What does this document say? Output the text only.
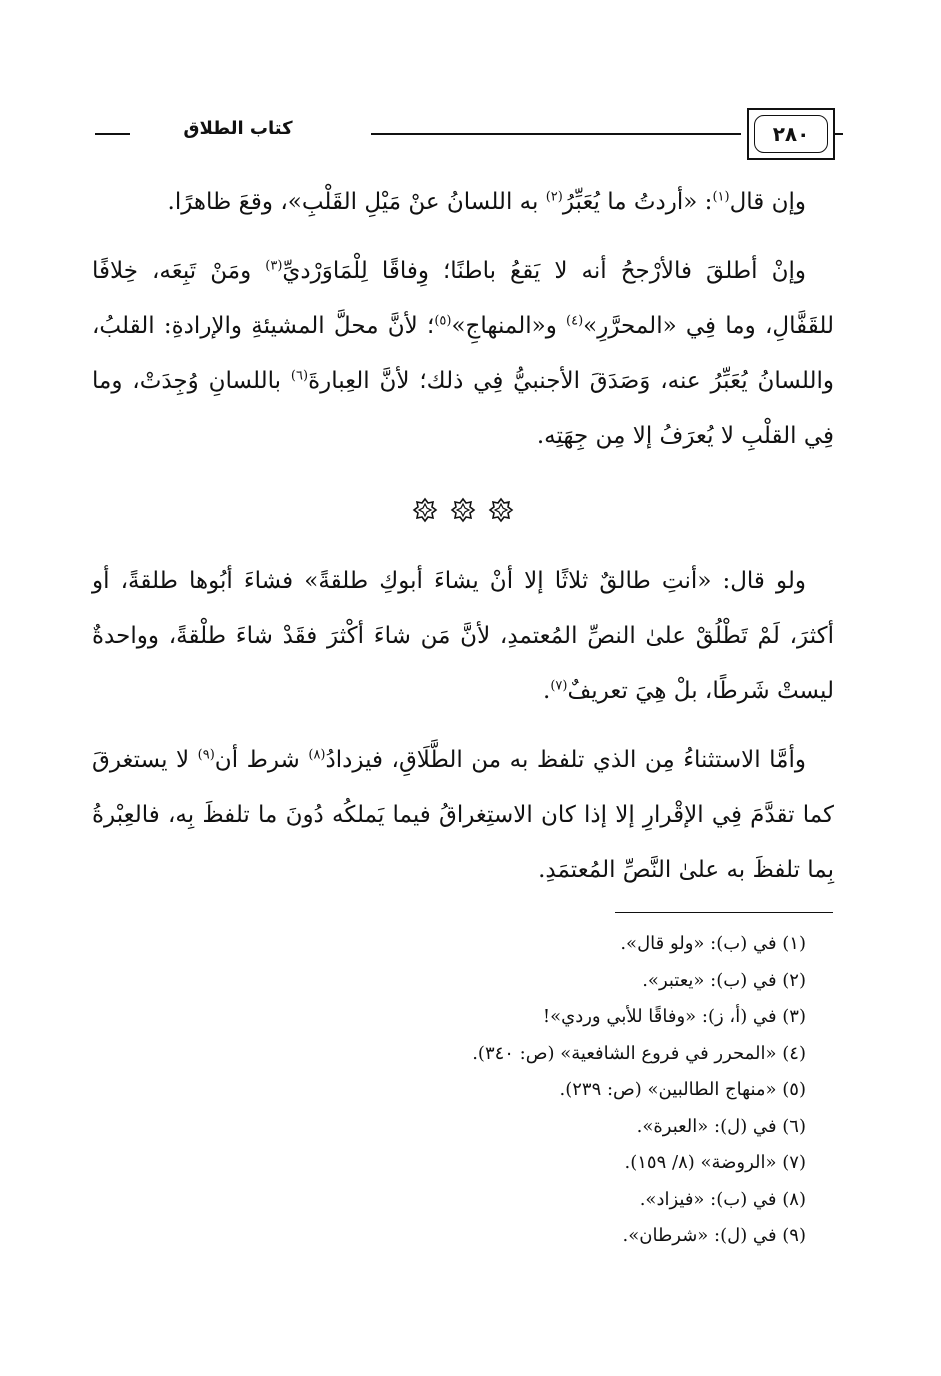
٢٨٠
كتاب الطلاق

وإن قال$^{(١)}$: «أردتُ ما يُعَبِّرُ$^{(٢)}$ به اللسانُ عنْ مَيْلِ القَلْبِ»، وقعَ ظاهرًا.

وإنْ أطلقَ فالأرْجحُ أنه لا يَقعُ باطنًا؛ وِفاقًا لِلْمَاوَرْديِّ$^{(٣)}$ ومَنْ تَبِعَه، خِلافًا للقَفَّالِ، وما فِي «المحرَّرِ»$^{(٤)}$ و«المنهاجِ»$^{(٥)}$؛ لأنَّ محلَّ المشيئةِ والإرادةِ: القلبُ، واللسانُ يُعَبِّرُ عنه، وَصَدَقَ الأجنبيُّ فِي ذلك؛ لأنَّ العِبارةَ$^{(٦)}$ باللسانِ وُجِدَتْ، وما فِي القلْبِ لا يُعرَفُ إلا مِن جِهَتِه.

ولو قال: «أنتِ طالقٌ ثلاثًا إلا أنْ يشاءَ أبوكِ طلقةً» فشاءَ أبُوها طلقةً، أو أكثرَ، لَمْ تَطْلُقْ علىٰ النصِّ المُعتمدِ، لأنَّ مَن شاءَ أكْثرَ فقَدْ شاءَ طلْقةً، وواحدةٌ ليستْ شَرطًا، بلْ هِيَ تعريفٌ$^{(٧)}$.

وأمَّا الاستثناءُ مِن الذي تلفظ به من الطَّلَاقِ، فيزدادُ$^{(٨)}$ شرط أن$^{(٩)}$ لا يستغرقَ كما تقدَّمَ فِي الإقْرارِ إلا إذا كان الاستِغراقُ فيما يَملكُه دُونَ ما تلفظَ بِه، فالعِبْرةُ بِما تلفظَ به علىٰ النَّصِّ المُعتمَدِ.

(١) في (ب): «ولو قال».
(٢) في (ب): «يعتبر».
(٣) في (أ، ز): «وفاقًا للأبي وردي»!
(٤) «المحرر في فروع الشافعية» (ص: ٣٤٠).
(٥) «منهاج الطالبين» (ص: ٢٣٩).
(٦) في (ل): «العبرة».
(٧) «الروضة» (٨/ ١٥٩).
(٨) في (ب): «فيزاد».
(٩) في (ل): «شرطان».
